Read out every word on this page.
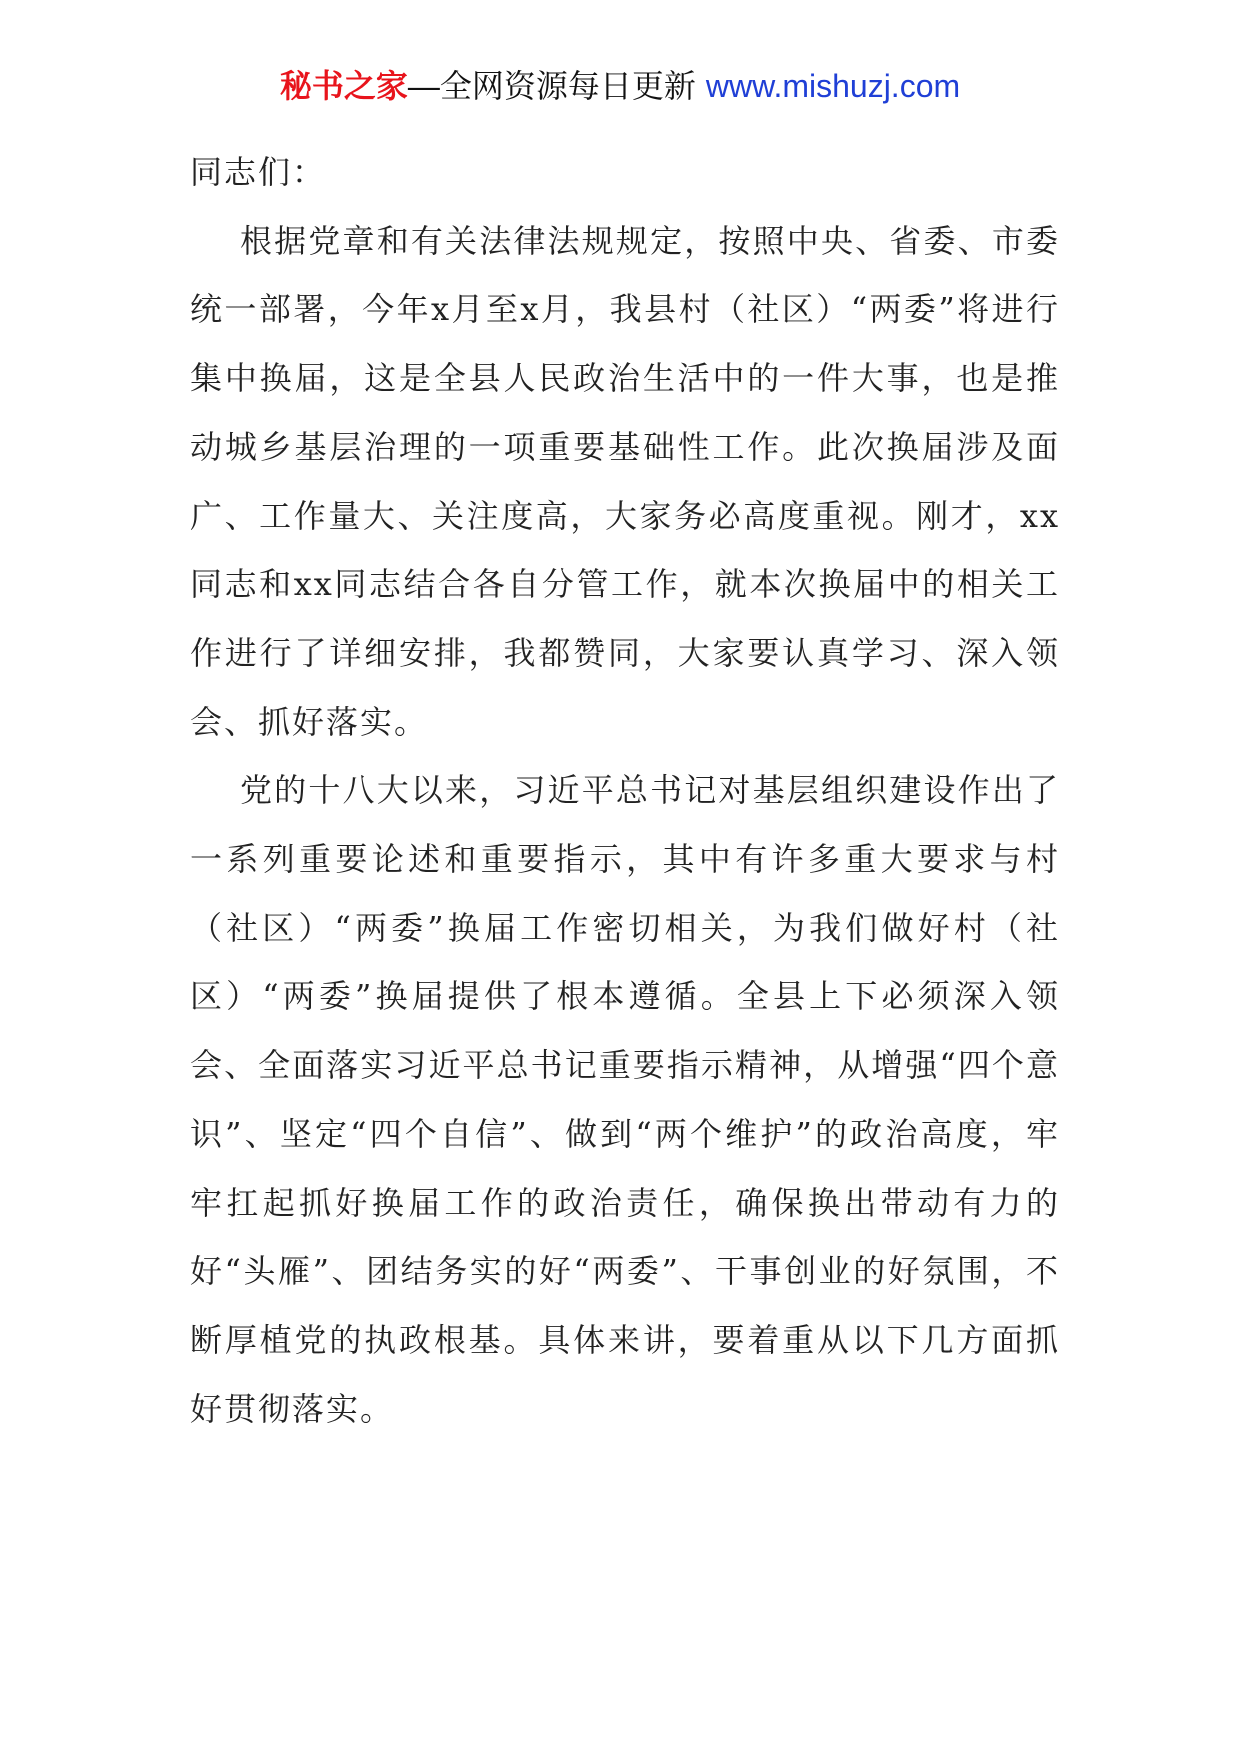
秘书之家—全网资源每日更新 www.mishuzj.com

同志们：

根据党章和有关法律法规规定，按照中央、省委、市委统一部署，今年x月至x月，我县村（社区）“两委”将进行集中换届，这是全县人民政治生活中的一件大事，也是推动城乡基层治理的一项重要基础性工作。此次换届涉及面广、工作量大、关注度高，大家务必高度重视。刚才，xx同志和xx同志结合各自分管工作，就本次换届中的相关工作进行了详细安排，我都赞同，大家要认真学习、深入领会、抓好落实。

党的十八大以来，习近平总书记对基层组织建设作出了一系列重要论述和重要指示，其中有许多重大要求与村（社区）“两委”换届工作密切相关，为我们做好村（社区）“两委”换届提供了根本遵循。全县上下必须深入领会、全面落实习近平总书记重要指示精神，从增强“四个意识”、坚定“四个自信”、做到“两个维护”的政治高度，牢牢扛起抓好换届工作的政治责任，确保换出带动有力的好“头雁”、团结务实的好“两委”、干事创业的好氛围，不断厚植党的执政根基。具体来讲，要着重从以下几方面抓好贯彻落实。
